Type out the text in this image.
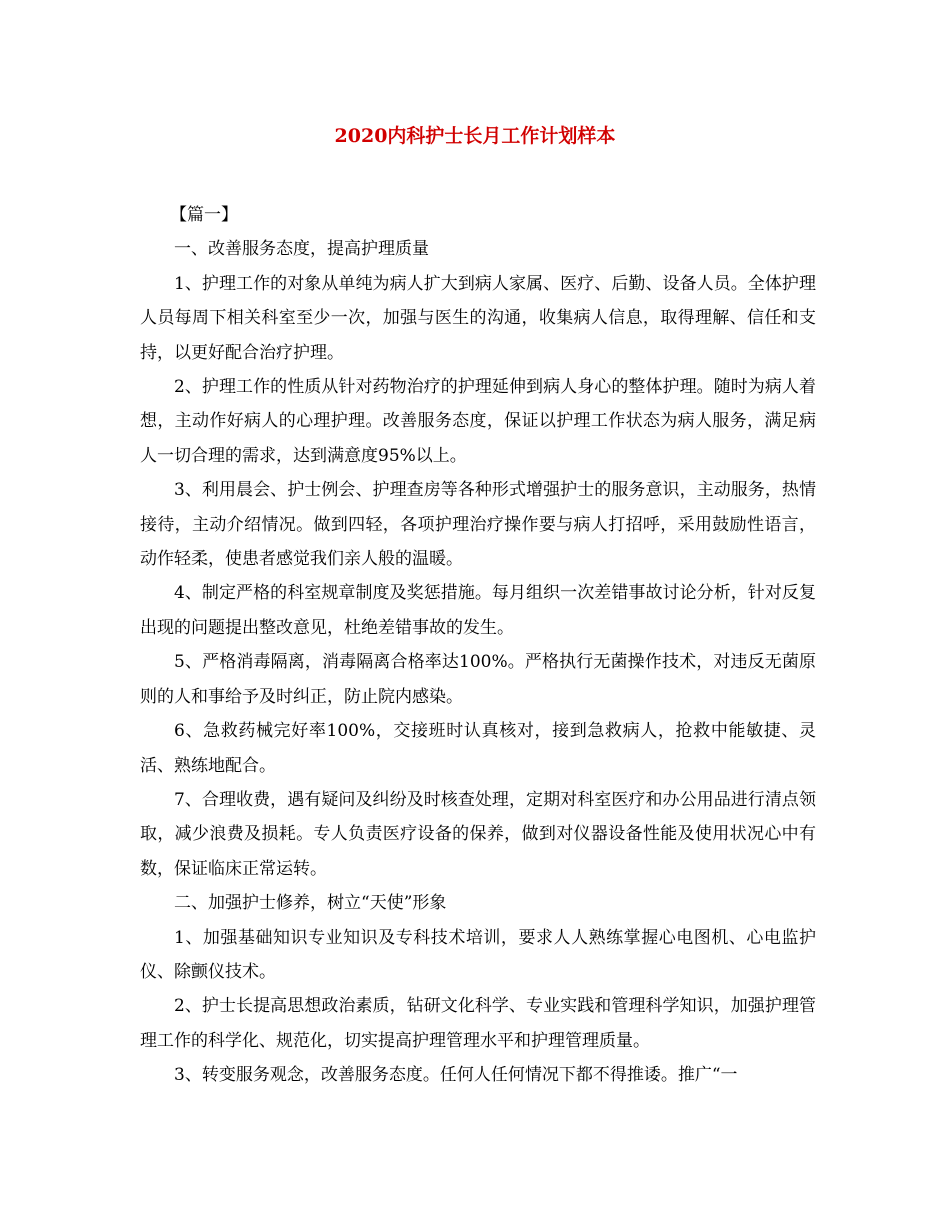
2020内科护士长月工作计划样本

【篇一】

一、改善服务态度，提高护理质量

1、护理工作的对象从单纯为病人扩大到病人家属、医疗、后勤、设备人员。全体护理人员每周下相关科室至少一次，加强与医生的沟通，收集病人信息，取得理解、信任和支持，以更好配合治疗护理。

2、护理工作的性质从针对药物治疗的护理延伸到病人身心的整体护理。随时为病人着想，主动作好病人的心理护理。改善服务态度，保证以护理工作状态为病人服务，满足病人一切合理的需求，达到满意度95%以上。

3、利用晨会、护士例会、护理查房等各种形式增强护士的服务意识，主动服务，热情接待，主动介绍情况。做到四轻，各项护理治疗操作要与病人打招呼，采用鼓励性语言，动作轻柔，使患者感觉我们亲人般的温暖。

4、制定严格的科室规章制度及奖惩措施。每月组织一次差错事故讨论分析，针对反复出现的问题提出整改意见，杜绝差错事故的发生。

5、严格消毒隔离，消毒隔离合格率达100%。严格执行无菌操作技术，对违反无菌原则的人和事给予及时纠正，防止院内感染。

6、急救药械完好率100%，交接班时认真核对，接到急救病人，抢救中能敏捷、灵活、熟练地配合。

7、合理收费，遇有疑问及纠纷及时核查处理，定期对科室医疗和办公用品进行清点领取，减少浪费及损耗。专人负责医疗设备的保养，做到对仪器设备性能及使用状况心中有数，保证临床正常运转。

二、加强护士修养，树立“天使”形象

1、加强基础知识专业知识及专科技术培训，要求人人熟练掌握心电图机、心电监护仪、除颤仪技术。

2、护士长提高思想政治素质，钻研文化科学、专业实践和管理科学知识，加强护理管理工作的科学化、规范化，切实提高护理管理水平和护理管理质量。

3、转变服务观念，改善服务态度。任何人任何情况下都不得推诿。推广“一
